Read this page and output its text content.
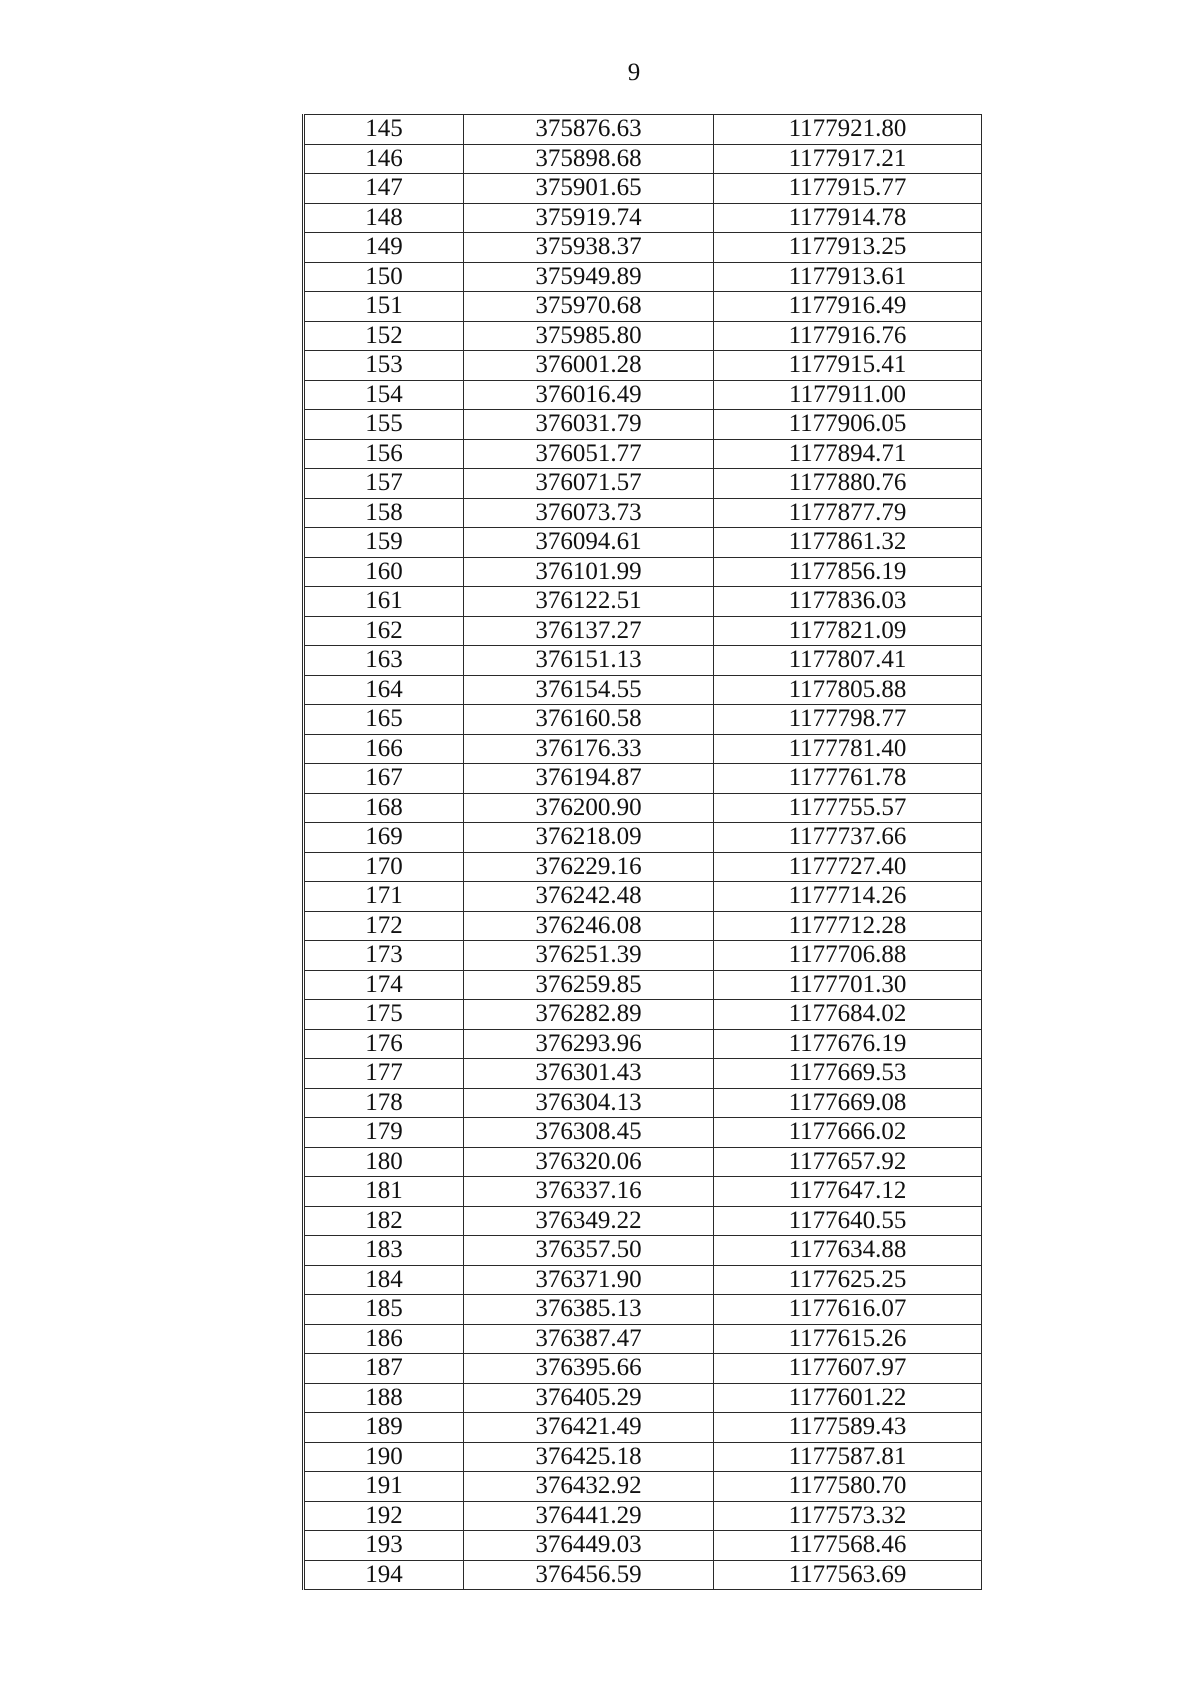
9
145	375876.63	1177921.80
146	375898.68	1177917.21
147	375901.65	1177915.77
148	375919.74	1177914.78
149	375938.37	1177913.25
150	375949.89	1177913.61
151	375970.68	1177916.49
152	375985.80	1177916.76
153	376001.28	1177915.41
154	376016.49	1177911.00
155	376031.79	1177906.05
156	376051.77	1177894.71
157	376071.57	1177880.76
158	376073.73	1177877.79
159	376094.61	1177861.32
160	376101.99	1177856.19
161	376122.51	1177836.03
162	376137.27	1177821.09
163	376151.13	1177807.41
164	376154.55	1177805.88
165	376160.58	1177798.77
166	376176.33	1177781.40
167	376194.87	1177761.78
168	376200.90	1177755.57
169	376218.09	1177737.66
170	376229.16	1177727.40
171	376242.48	1177714.26
172	376246.08	1177712.28
173	376251.39	1177706.88
174	376259.85	1177701.30
175	376282.89	1177684.02
176	376293.96	1177676.19
177	376301.43	1177669.53
178	376304.13	1177669.08
179	376308.45	1177666.02
180	376320.06	1177657.92
181	376337.16	1177647.12
182	376349.22	1177640.55
183	376357.50	1177634.88
184	376371.90	1177625.25
185	376385.13	1177616.07
186	376387.47	1177615.26
187	376395.66	1177607.97
188	376405.29	1177601.22
189	376421.49	1177589.43
190	376425.18	1177587.81
191	376432.92	1177580.70
192	376441.29	1177573.32
193	376449.03	1177568.46
194	376456.59	1177563.69
